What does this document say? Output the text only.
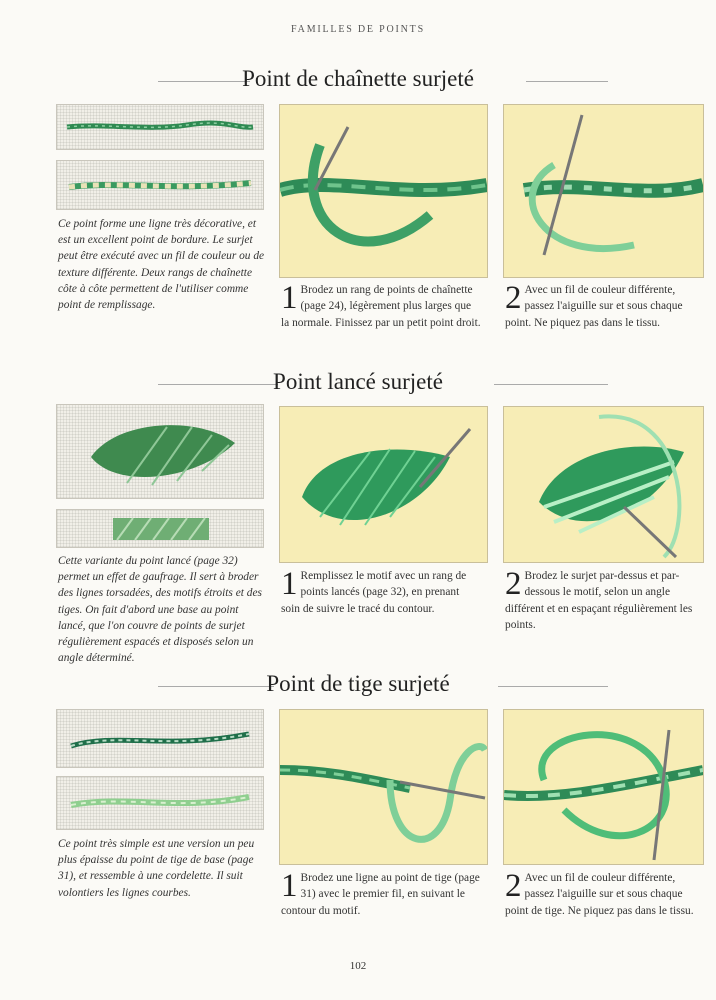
FAMILLES DE POINTS
Point de chaînette surjeté
Ce point forme une ligne très décorative, et est un excellent point de bordure. Le surjet peut être exécuté avec un fil de couleur ou de texture différente. Deux rangs de chaînette côte à côte permettent de l'utiliser comme point de remplissage.	1 Brodez un rang de points de chaînette (page 24), légèrement plus larges que la normale. Finissez par un petit point droit.
2 Avec un fil de couleur différente, passez l'aiguille sur et sous chaque point. Ne piquez pas dans le tissu.
Point lancé surjeté
Cette variante du point lancé (page 32) permet un effet de gaufrage. Il sert à broder des lignes torsadées, des motifs étroits et des tiges. On fait d'abord une base au point lancé, que l'on couvre de points de surjet régulièrement espacés et disposés selon un angle déterminé.
1 Remplissez le motif avec un rang de points lancés (page 32), en prenant soin de suivre le tracé du contour.
2 Brodez le surjet par-dessus et par-dessous le motif, selon un angle différent et en espaçant régulièrement les points.
Point de tige surjeté
Ce point très simple est une version un peu plus épaisse du point de tige de base (page 31), et ressemble à une cordelette. Il suit volontiers les lignes courbes.	1 Brodez une ligne au point de tige (page 31) avec le premier fil, en suivant le contour du motif.
2 Avec un fil de couleur différente, passez l'aiguille sur et sous chaque point de tige. Ne piquez pas dans le tissu.
102
